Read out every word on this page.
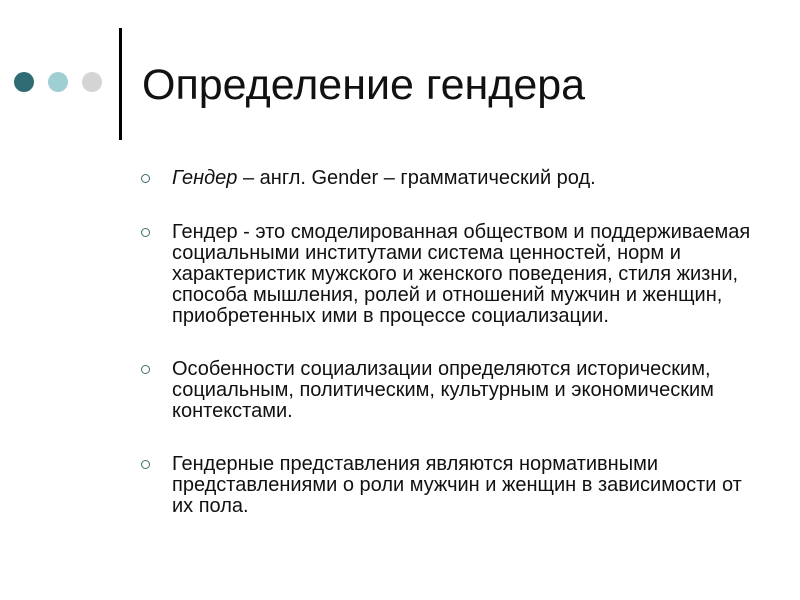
Определение гендера
Гендер – англ. Gender – грамматический род.
Гендер - это смоделированная обществом и поддерживаемая социальными институтами система ценностей, норм и характеристик мужского и женского поведения, стиля жизни, способа мышления, ролей и отношений мужчин и женщин, приобретенных ими в процессе социализации.
Особенности социализации определяются историческим, социальным, политическим, культурным и экономическим контекстами.
Гендерные представления являются нормативными представлениями о роли мужчин и женщин в зависимости от их пола.
